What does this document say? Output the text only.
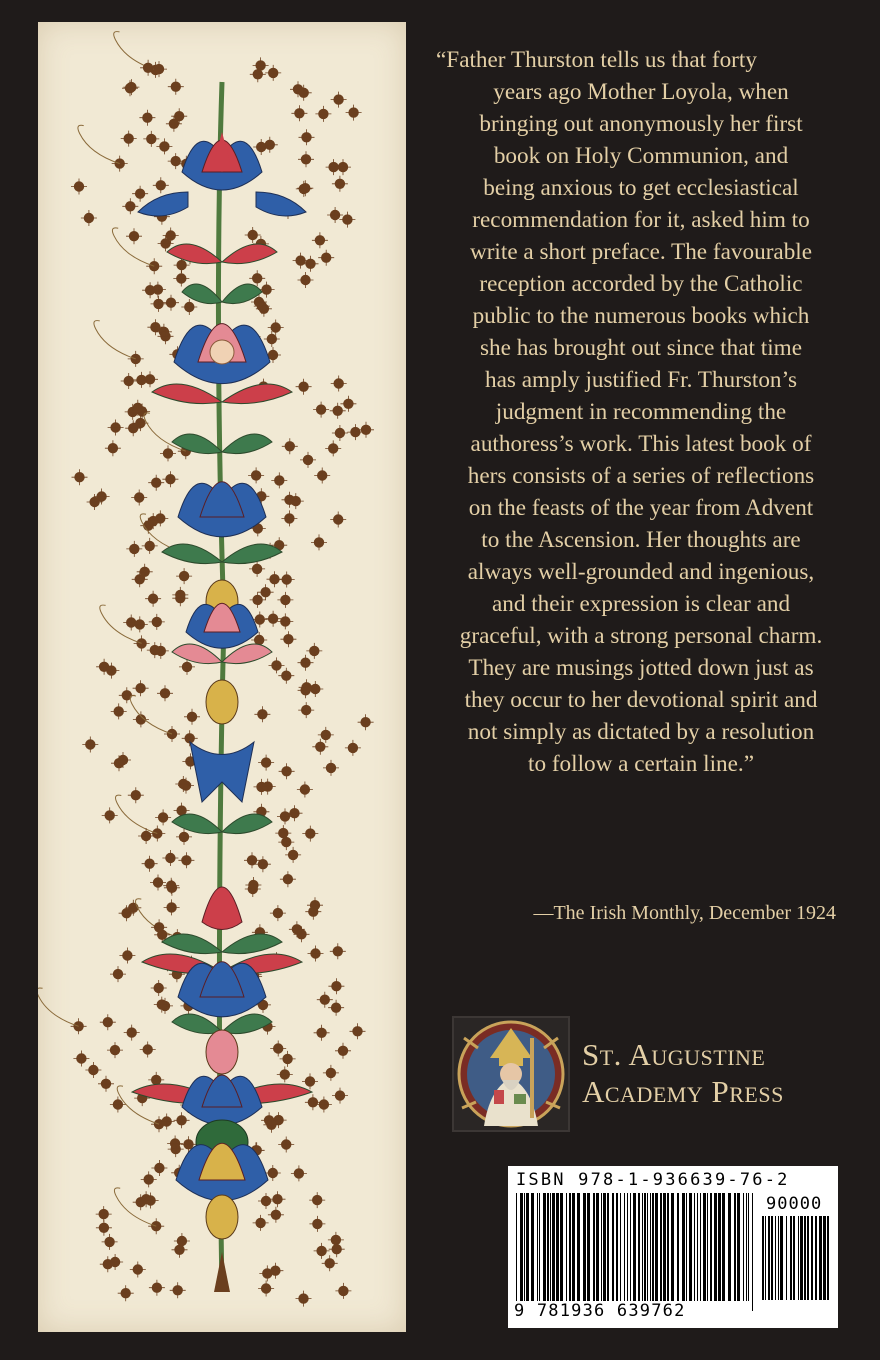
“Father Thurston tells us that forty
years ago Mother Loyola, when
bringing out anonymously her first
book on Holy Communion, and
being anxious to get ecclesiastical
recommendation for it, asked him to
write a short preface. The favourable
reception accorded by the Catholic
public to the numerous books which
she has brought out since that time
has amply justified Fr. Thurston’s
judgment in recommending the
authoress’s work. This latest book of
hers consists of a series of reflections
on the feasts of the year from Advent
to the Ascension. Her thoughts are
always well-grounded and ingenious,
and their expression is clear and
graceful, with a strong personal charm.
They are musings jotted down just as
they occur to her devotional spirit and
not simply as dictated by a resolution
to follow a certain line.”
—The Irish Monthly, December 1924
St. Augustine
Academy Press
ISBN 978-1-936639-76-2
90000
9 781936 639762
